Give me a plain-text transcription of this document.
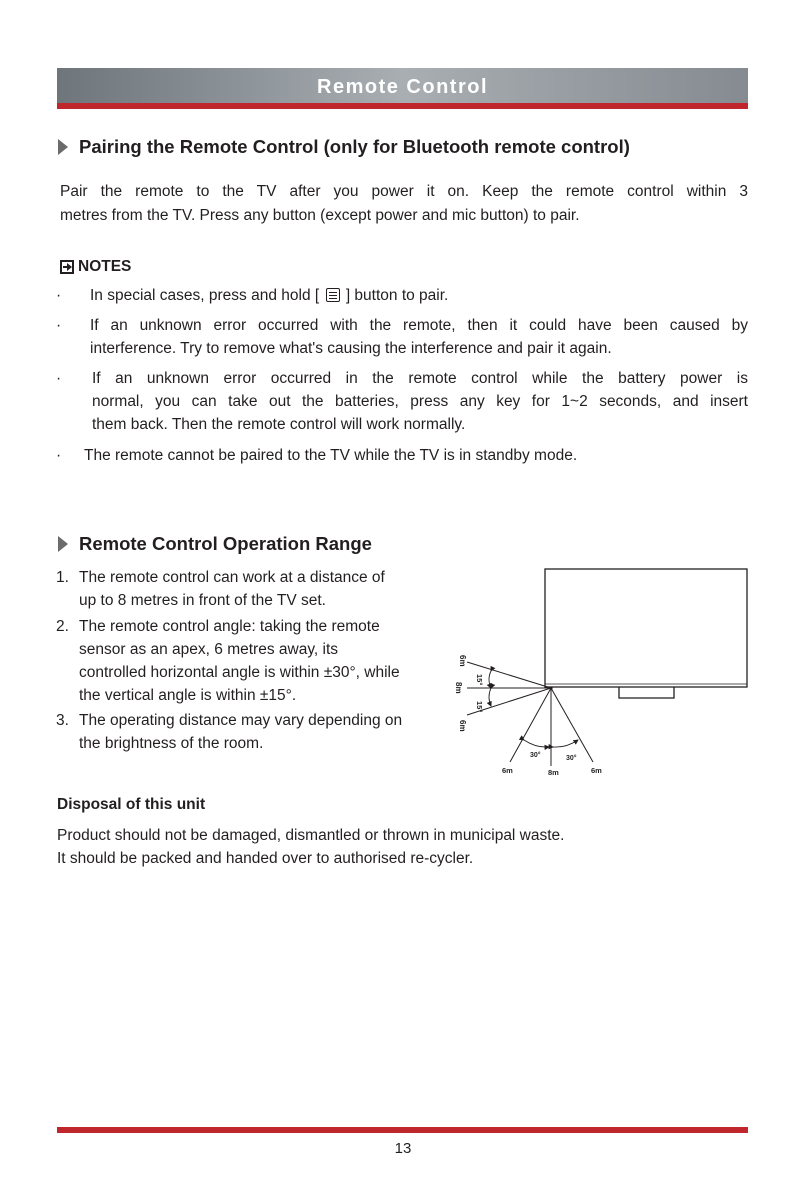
Remote Control
Pairing the Remote Control (only for Bluetooth remote control)
Pair the remote to the TV after you power it on. Keep the remote control within 3
metres from the TV. Press any button (except power and mic button) to pair.
NOTES
· In special cases, press and hold [ ] button to pair.
· If an unknown error occurred with the remote, then it could have been caused by
interference. Try to remove what's causing the interference and pair it again.
· If an unknown error occurred in the remote control while the battery power is
normal, you can take out the batteries, press any key for 1~2 seconds, and insert
them back. Then the remote control will work normally.
· The remote cannot be paired to the TV while the TV is in standby mode.
Remote Control Operation Range
1. The remote control can work at a distance of
up to 8 metres in front of the TV set.
2. The remote control angle: taking the remote
sensor as an apex, 6 metres away, its
controlled horizontal angle is within ±30°, while
the vertical angle is within ±15°.
3. The operating distance may vary depending on
the brightness of the room.
6m
8m
6m
15°
15°
30°	30°
6m	8m	6m
Disposal of this unit
Product should not be damaged, dismantled or thrown in municipal waste.
It should be packed and handed over to authorised re-cycler.
13
